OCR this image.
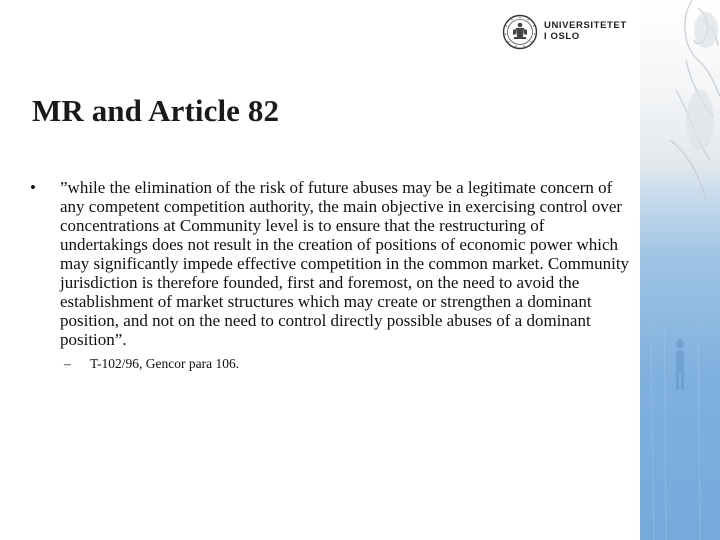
UNIVERSITETET
I OSLO
MR and Article 82
• ”while the elimination of the risk of future abuses may be a legitimate concern of any competent competition authority, the main objective in exercising control over concentrations at Community level is to ensure that the restructuring of undertakings does not result in the creation of positions of economic power which may significantly impede effective competition in the common market. Community jurisdiction is therefore founded, first and foremost, on the need to avoid the establishment of market structures which may create or strengthen a dominant position, and not on the need to control directly possible abuses of a dominant position”.
– T-102/96, Gencor para 106.
